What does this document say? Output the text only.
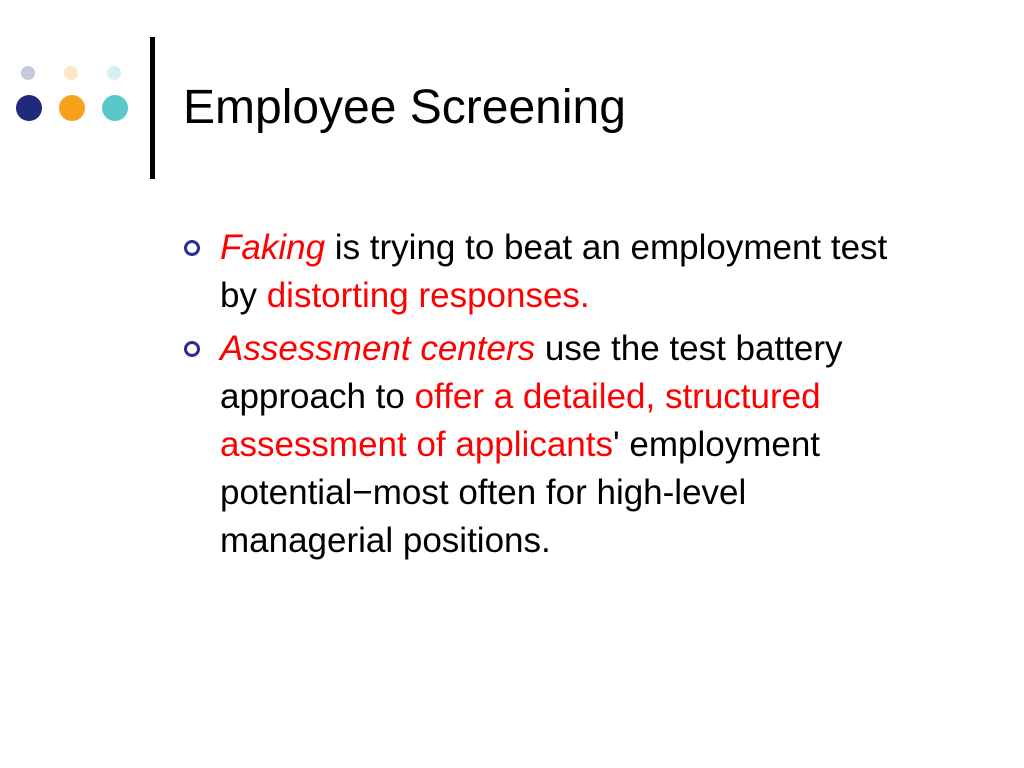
Employee Screening
Faking is trying to beat an employment test by distorting responses.
Assessment centers use the test battery approach to offer a detailed, structured assessment of applicants' employment potential−most often for high-level managerial positions.
